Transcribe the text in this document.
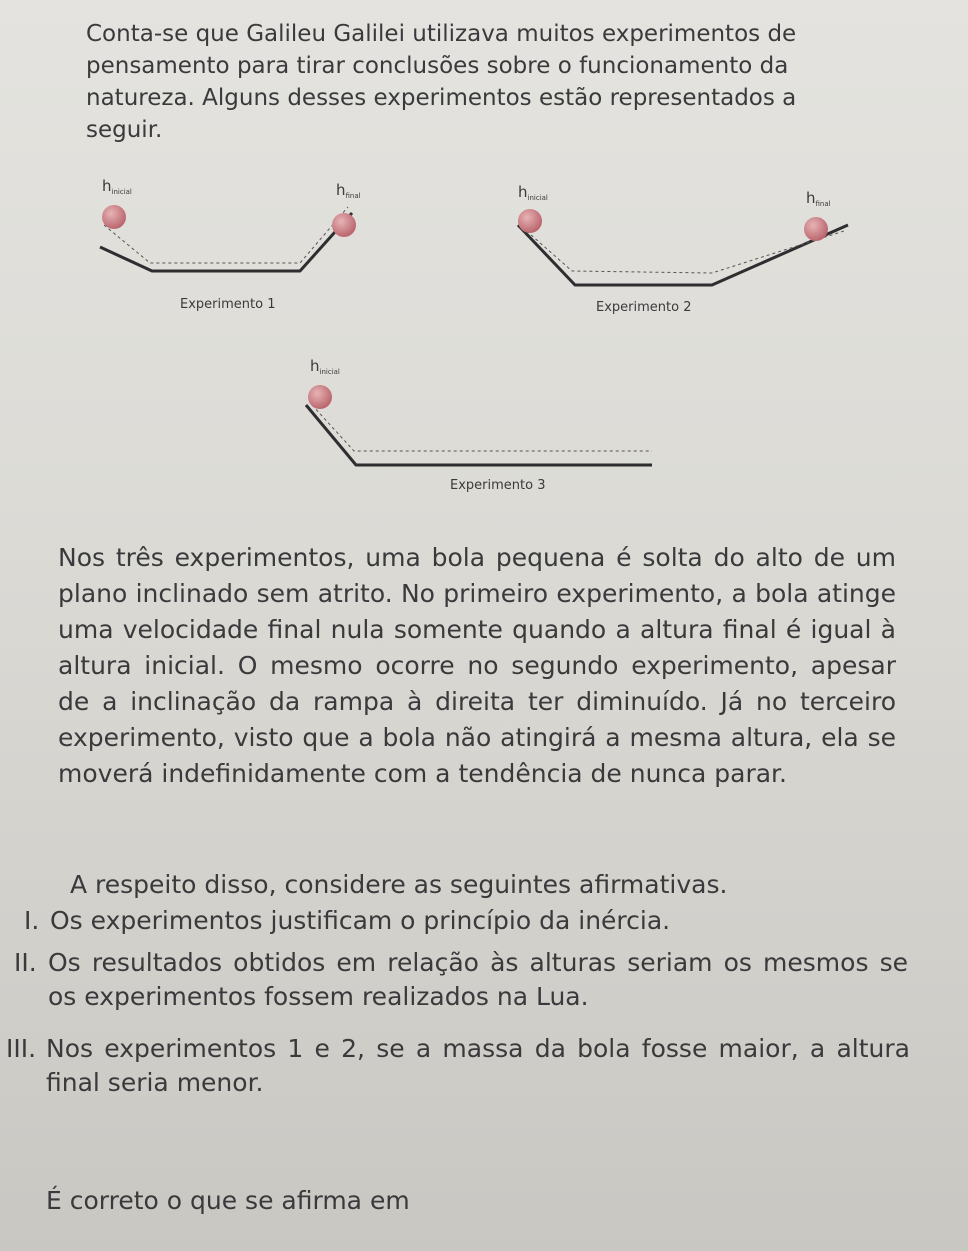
Conta-se que Galileu Galilei utilizava muitos experimentos de pensamento para tirar conclusões sobre o funcionamento da natureza. Alguns desses experimentos estão representados a seguir.

hinicial	hfinal
Experimento 1
hinicial	hfinal
Experimento 2
hinicial
Experimento 3

Nos três experimentos, uma bola pequena é solta do alto de um plano inclinado sem atrito. No primeiro experimento, a bola atinge uma velocidade final nula somente quando a altura final é igual à altura inicial. O mesmo ocorre no segundo experimento, apesar de a inclinação da rampa à direita ter diminuído. Já no terceiro experimento, visto que a bola não atingirá a mesma altura, ela se moverá indefinidamente com a tendência de nunca parar.

A respeito disso, considere as seguintes afirmativas.

I. Os experimentos justificam o princípio da inércia.
II. Os resultados obtidos em relação às alturas seriam os mesmos se os experimentos fossem realizados na Lua.
III. Nos experimentos 1 e 2, se a massa da bola fosse maior, a altura final seria menor.

É correto o que se afirma em
